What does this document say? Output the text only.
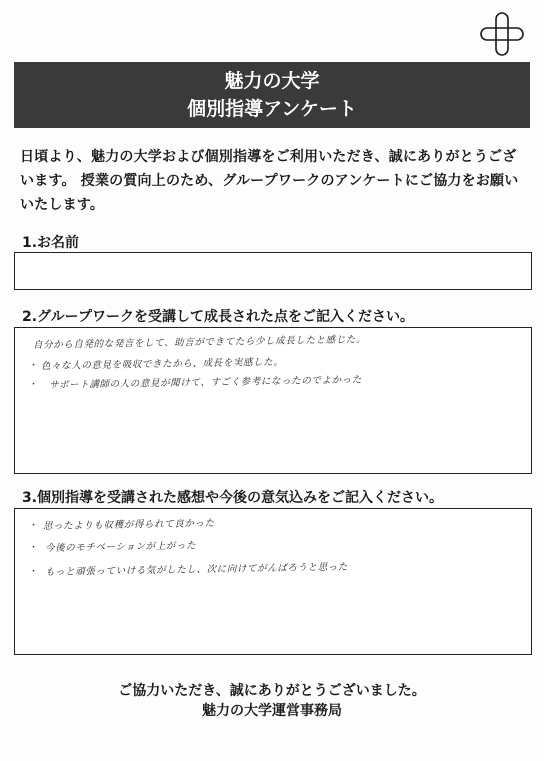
魅力の大学
個別指導アンケート
日頃より、魅力の大学および個別指導をご利用いただき、誠にありがとうございます。 授業の質向上のため、グループワークのアンケートにご協力をお願いいたします。
1.お名前
2.グループワークを受講して成長された点をご記入ください。
自分から自発的な発言をして、助言ができてたら少し成長したと感じた。
・ 色々な人の意見を吸収できたから、成長を実感した。
・ サポート講師の人の意見が聞けて、すごく参考になったのでよかった
3.個別指導を受講された感想や今後の意気込みをご記入ください。
・ 思ったよりも収穫が得られて良かった
・ 今後のモチベーションが上がった
・ もっと頑張っていける気がしたし、次に向けてがんばろうと思った
ご協力いただき、誠にありがとうございました。
魅力の大学運営事務局
